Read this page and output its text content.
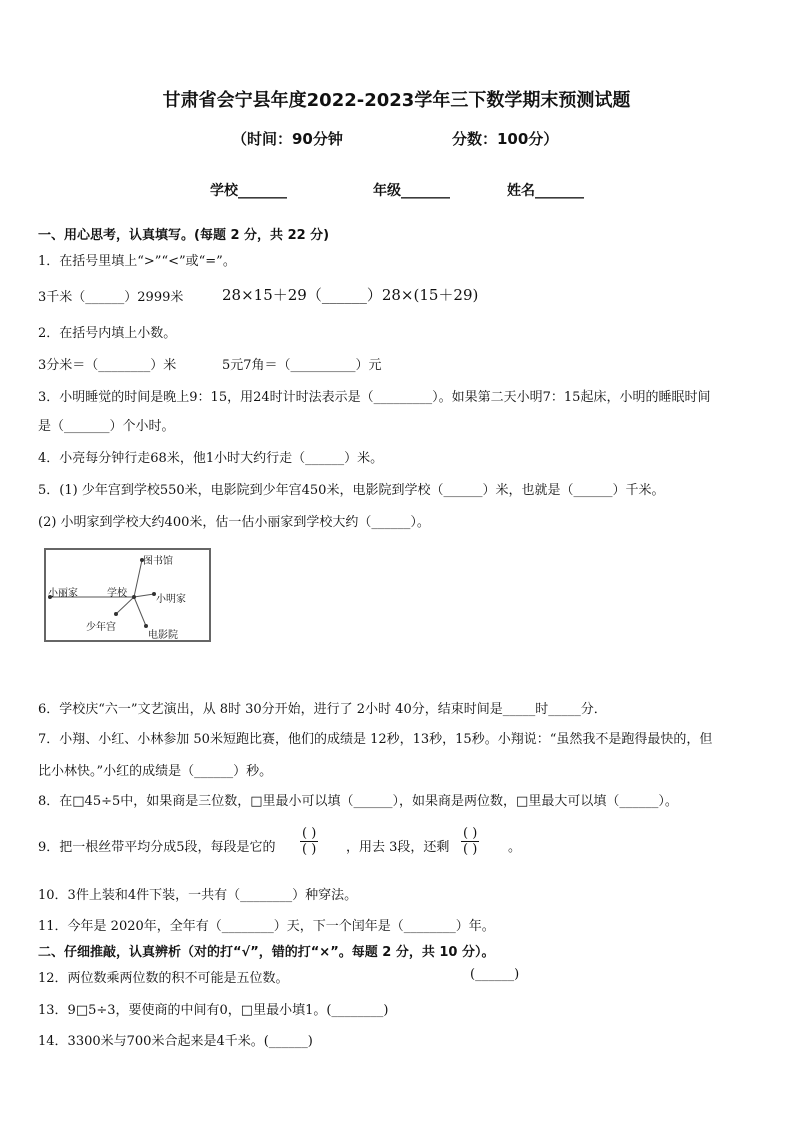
甘肃省会宁县年度2022-2023学年三下数学期末预测试题
（时间：90分钟	分数：100分）
学校_______	年级_______	姓名_______
一、用心思考，认真填写。(每题 2 分，共 22 分)
1．在括号里填上“>”“<”或“=”。
3千米（______）2999米	28×15＋29（______）28×(15＋29)
2．在括号内填上小数。
3分米＝（________）米	5元7角＝（__________）元
3．小明睡觉的时间是晚上9：15，用24时计时法表示是（_________）。如果第二天小明7：15起床，小明的睡眠时间
是（_______）个小时。
4．小亮每分钟行走68米，他1小时大约行走（______）米。
5．(1) 少年宫到学校550米，电影院到少年宫450米，电影院到学校（______）米，也就是（______）千米。
(2) 小明家到学校大约400米，估一估小丽家到学校大约（______）。
图书馆
小丽家	学校
小明家
少年宫
电影院
6．学校庆“六一”文艺演出，从 8时 30分开始，进行了 2小时 40分，结束时间是_____时_____分．
7．小翔、小红、小林参加 50米短跑比赛，他们的成绩是 12秒，13秒，15秒。小翔说：“虽然我不是跑得最快的，但
比小林快。”小红的成绩是（______）秒。
8．在□45÷5中，如果商是三位数，□里最小可以填（______），如果商是两位数，□里最大可以填（______）。
9．把一根丝带平均分成5段，每段是它的
( )
( ) ，用去 3段，还剩
( )
( ) 。
10．3件上装和4件下装，一共有（________）种穿法。
11．今年是 2020年，全年有（________）天，下一个闰年是（________）年。
二、仔细推敲，认真辨析（对的打“√”，错的打“×”。每题 2 分，共 10 分）。
12．两位数乘两位数的积不可能是五位数。	(______)
13．9□5÷3，要使商的中间有0，□里最小填1。(________)
14．3300米与700米合起来是4千米。(______)
